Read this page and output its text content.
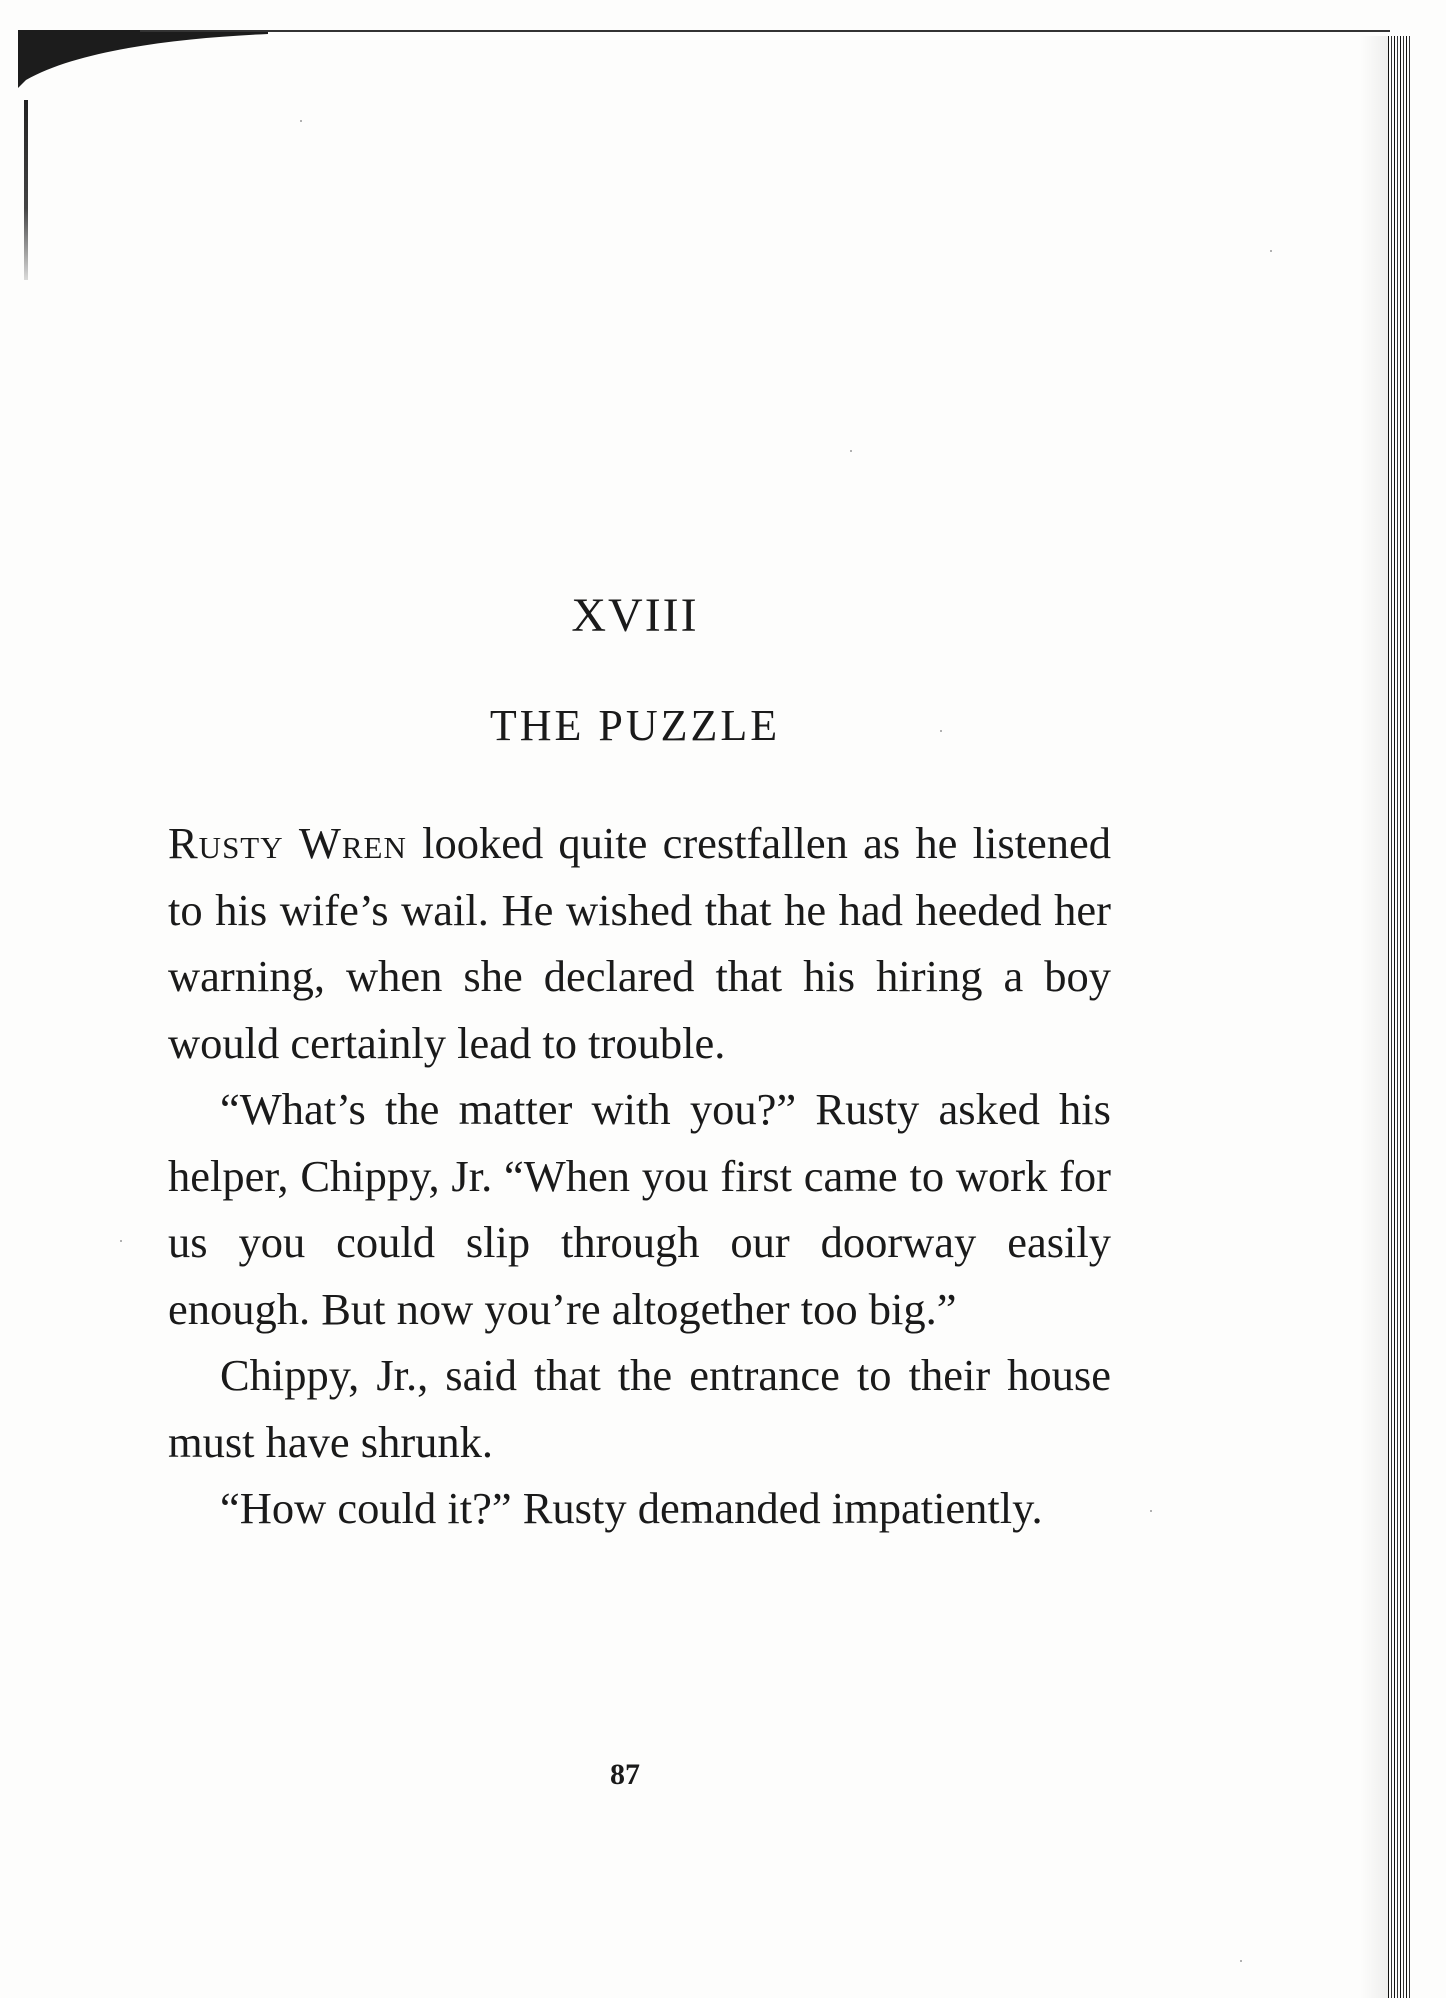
XVIII
THE PUZZLE

Rusty Wren looked quite crestfallen as he listened to his wife’s wail. He wished that he had heeded her warning, when she declared that his hiring a boy would certainly lead to trouble.

“What’s the matter with you?” Rusty asked his helper, Chippy, Jr. “When you first came to work for us you could slip through our doorway easily enough. But now you’re altogether too big.”

Chippy, Jr., said that the entrance to their house must have shrunk.

“How could it?” Rusty demanded impatiently.

87
